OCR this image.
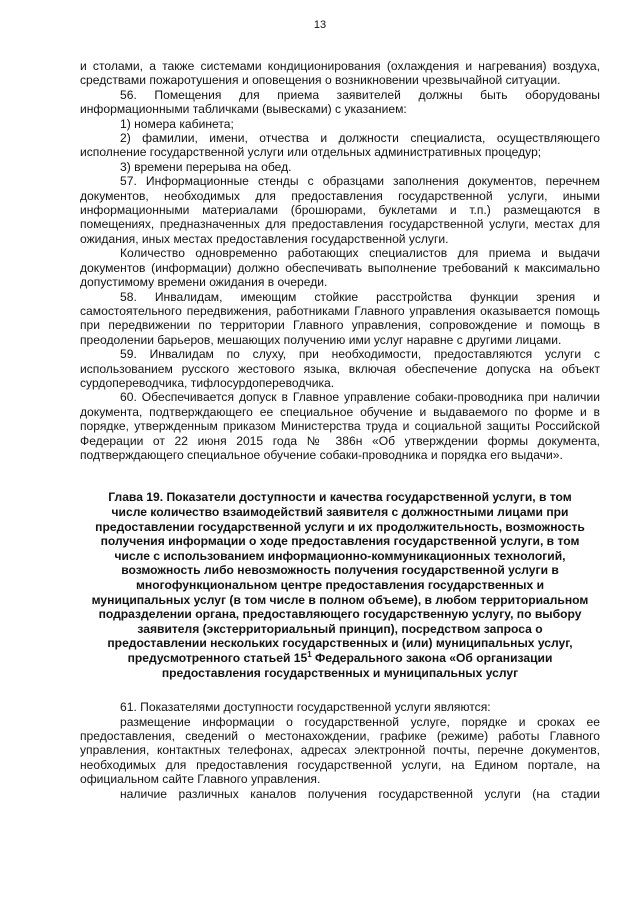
13

и столами, а также системами кондиционирования (охлаждения и нагревания) воздуха, средствами пожаротушения и оповещения о возникновении чрезвычайной ситуации.

56. Помещения для приема заявителей должны быть оборудованы информационными табличками (вывесками) с указанием:

1) номера кабинета;

2) фамилии, имени, отчества и должности специалиста, осуществляющего исполнение государственной услуги или отдельных административных процедур;

3) времени перерыва на обед.

57. Информационные стенды с образцами заполнения документов, перечнем документов, необходимых для предоставления государственной услуги, иными информационными материалами (брошюрами, буклетами и т.п.) размещаются в помещениях, предназначенных для предоставления государственной услуги, местах для ожидания, иных местах предоставления государственной услуги.

Количество одновременно работающих специалистов для приема и выдачи документов (информации) должно обеспечивать выполнение требований к максимально допустимому времени ожидания в очереди.

58. Инвалидам, имеющим стойкие расстройства функции зрения и самостоятельного передвижения, работниками Главного управления оказывается помощь при передвижении по территории Главного управления, сопровождение и помощь в преодолении барьеров, мешающих получению ими услуг наравне с другими лицами.

59. Инвалидам по слуху, при необходимости, предоставляются услуги с использованием русского жестового языка, включая обеспечение допуска на объект сурдопереводчика, тифлосурдопереводчика.

60. Обеспечивается допуск в Главное управление собаки-проводника при наличии документа, подтверждающего ее специальное обучение и выдаваемого по форме и в порядке, утвержденным приказом Министерства труда и социальной защиты Российской Федерации от 22 июня 2015 года № 386н «Об утверждении формы документа, подтверждающего специальное обучение собаки-проводника и порядка его выдачи».

Глава 19. Показатели доступности и качества государственной услуги, в том числе количество взаимодействий заявителя с должностными лицами при предоставлении государственной услуги и их продолжительность, возможность получения информации о ходе предоставления государственной услуги, в том числе с использованием информационно-коммуникационных технологий, возможность либо невозможность получения государственной услуги в многофункциональном центре предоставления государственных и муниципальных услуг (в том числе в полном объеме), в любом территориальном подразделении органа, предоставляющего государственную услугу, по выбору заявителя (экстерриториальный принцип), посредством запроса о предоставлении нескольких государственных и (или) муниципальных услуг, предусмотренного статьей $15^1$ Федерального закона «Об организации предоставления государственных и муниципальных услуг

61. Показателями доступности государственной услуги являются:

размещение информации о государственной услуге, порядке и сроках ее предоставления, сведений о местонахождении, графике (режиме) работы Главного управления, контактных телефонах, адресах электронной почты, перечне документов, необходимых для предоставления государственной услуги, на Едином портале, на официальном сайте Главного управления.

наличие различных каналов получения государственной услуги (на стадии
